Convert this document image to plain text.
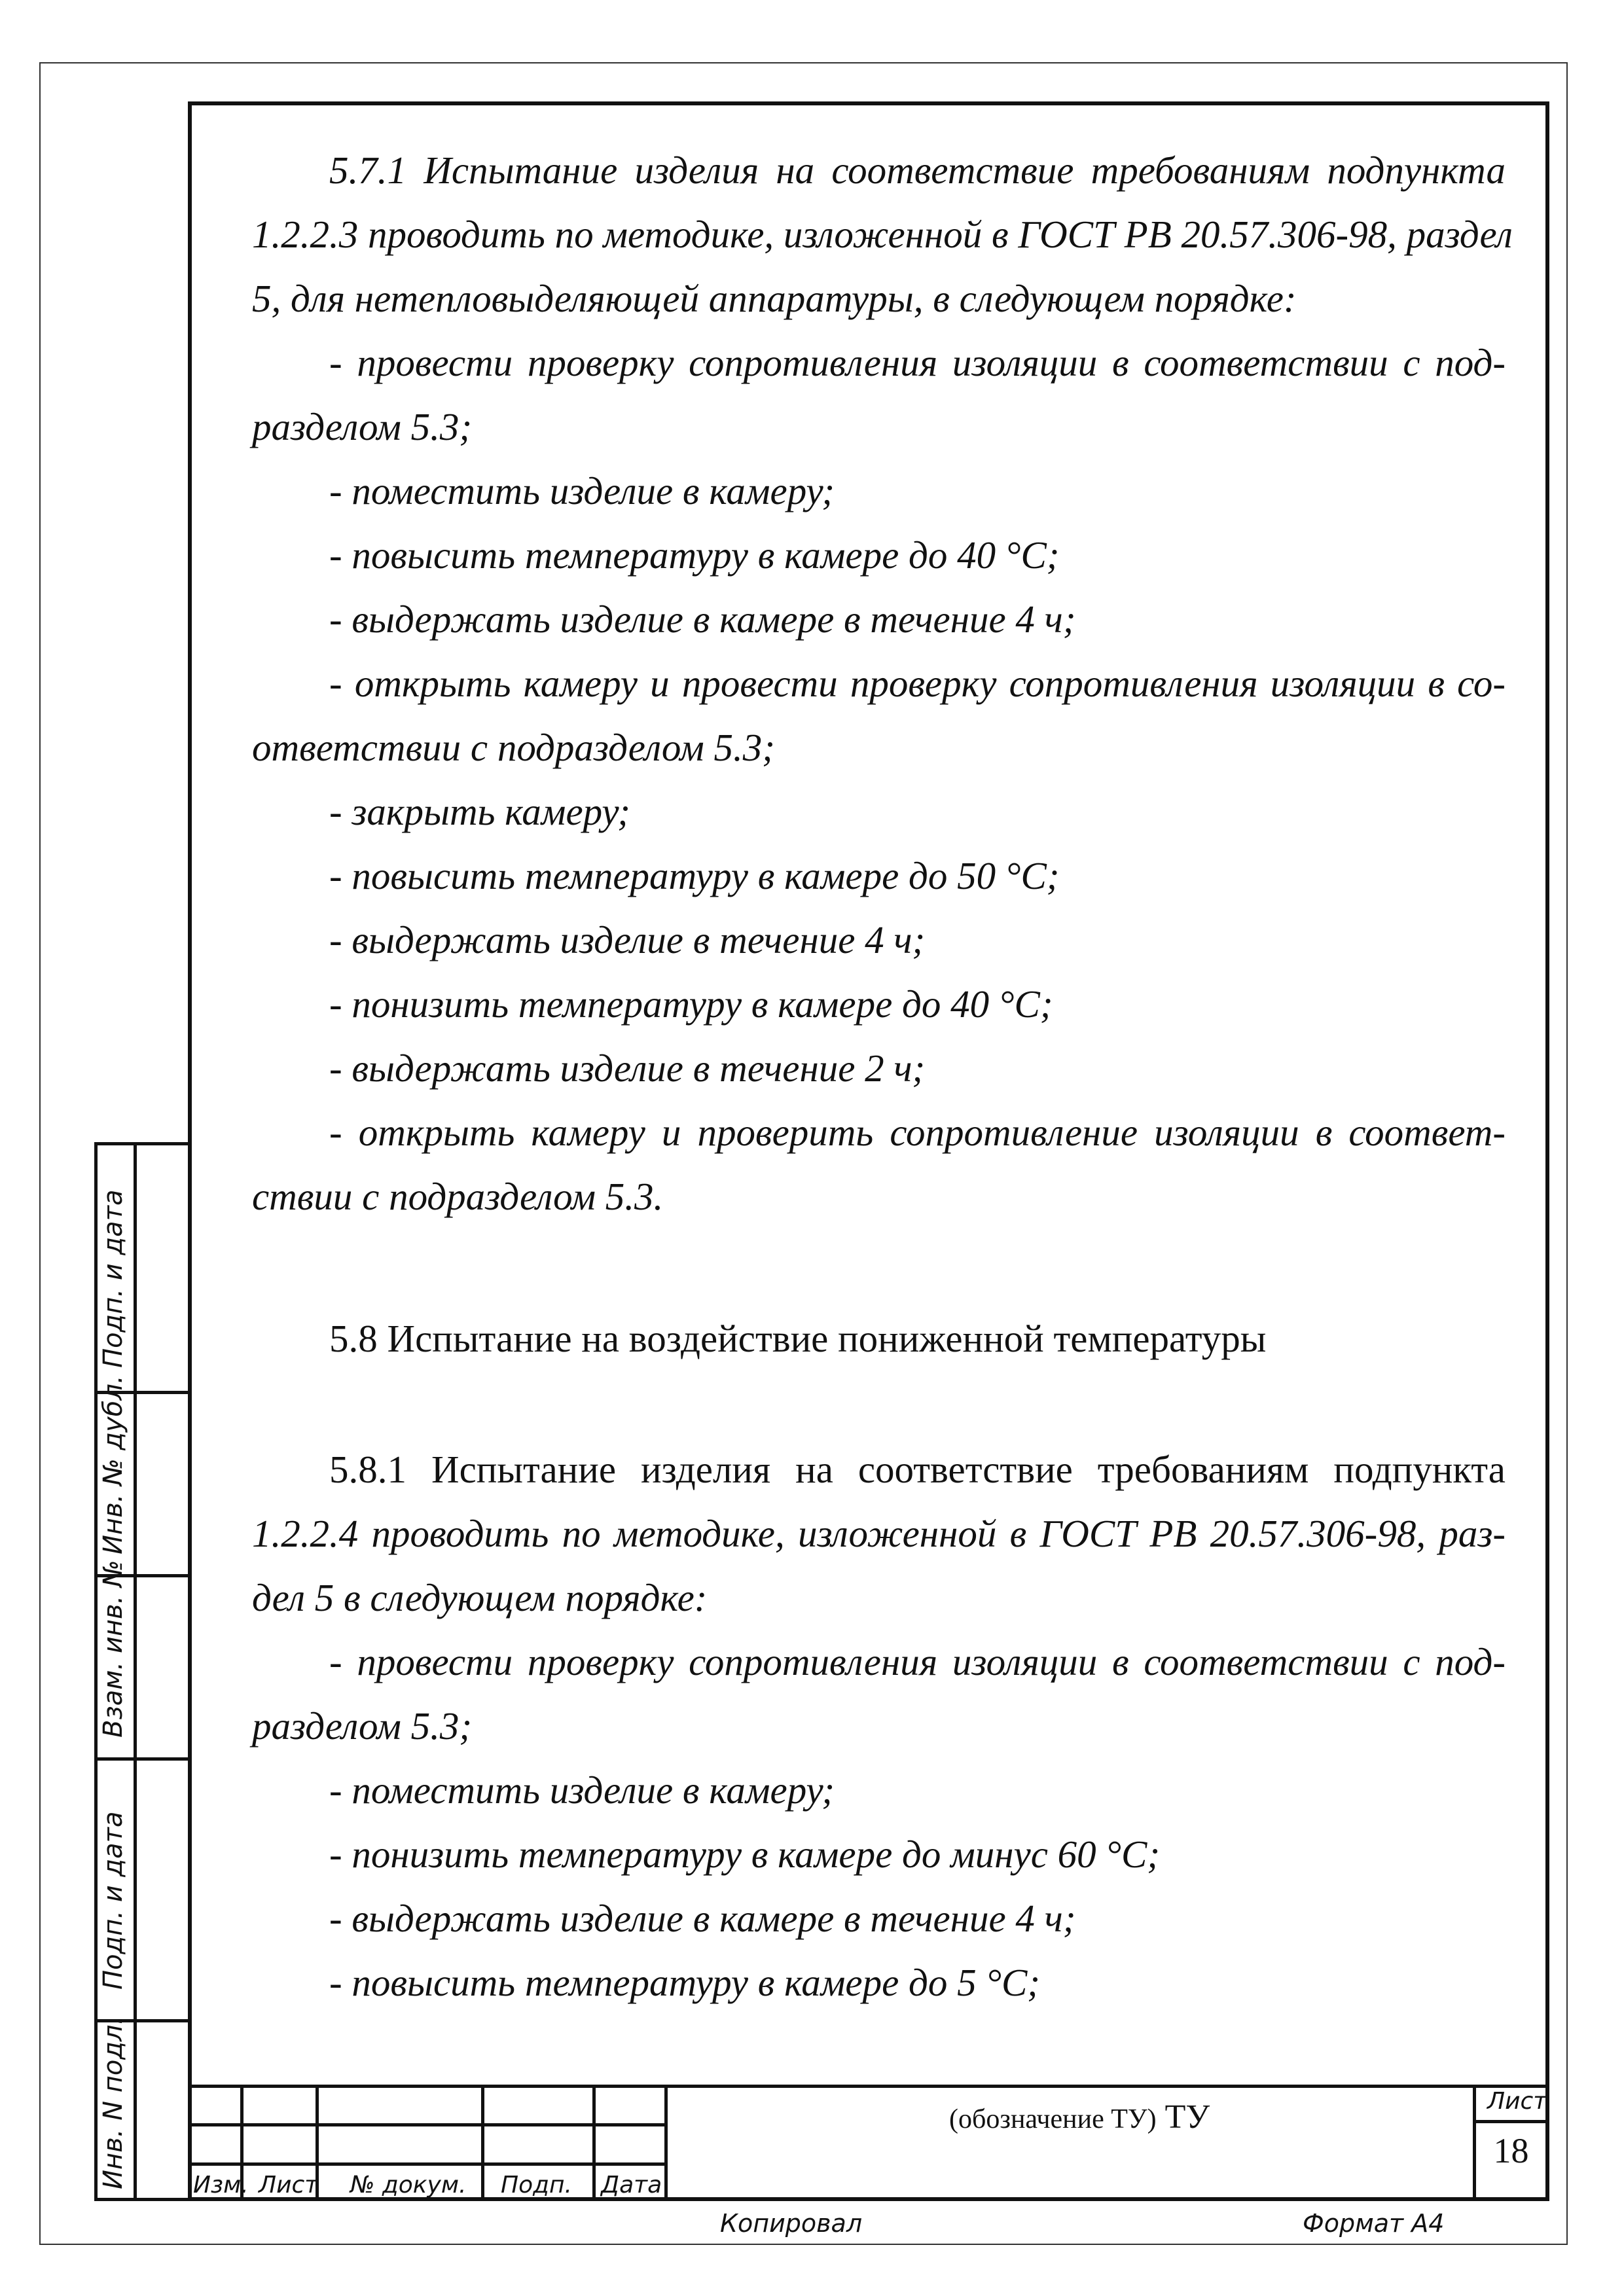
5.7.1 Испытание изделия на соответствие требованиям подпункта
1.2.2.3 проводить по методике, изложенной в ГОСТ РВ 20.57.306-98, раздел
5, для нетепловыделяющей аппаратуры, в следующем порядке:
- провести проверку сопротивления изоляции в соответствии с под-
разделом 5.3;
- поместить изделие в камеру;
- повысить температуру в камере до 40 °С;
- выдержать изделие в камере в течение 4 ч;
- открыть камеру и провести проверку сопротивления изоляции в со-
ответствии с подразделом 5.3;
- закрыть камеру;
- повысить температуру в камере до 50 °С;
- выдержать изделие в течение 4 ч;
- понизить температуру в камере до 40 °С;
- выдержать изделие в течение 2 ч;
- открыть камеру и проверить сопротивление изоляции в соответ-
ствии с подразделом 5.3.
5.8 Испытание на воздействие пониженной температуры
5.8.1 Испытание изделия на соответствие требованиям подпункта
1.2.2.4 проводить по методике, изложенной в ГОСТ РВ 20.57.306-98, раз-
дел 5 в следующем порядке:
- провести проверку сопротивления изоляции в соответствии с под-
разделом 5.3;
- поместить изделие в камеру;
- понизить температуру в камере до минус 60 °С;
- выдержать изделие в камере в течение 4 ч;
- повысить температуру в камере до 5 °С;
Подп. и дата
Инв. № дубл.
Взам. инв. №
Подп. и дата
Инв. N подл.	Изм. Лист № докум. Подп. Дата
(обозначение ТУ) ТУ	Лист
18
Копировал	Формат А4
